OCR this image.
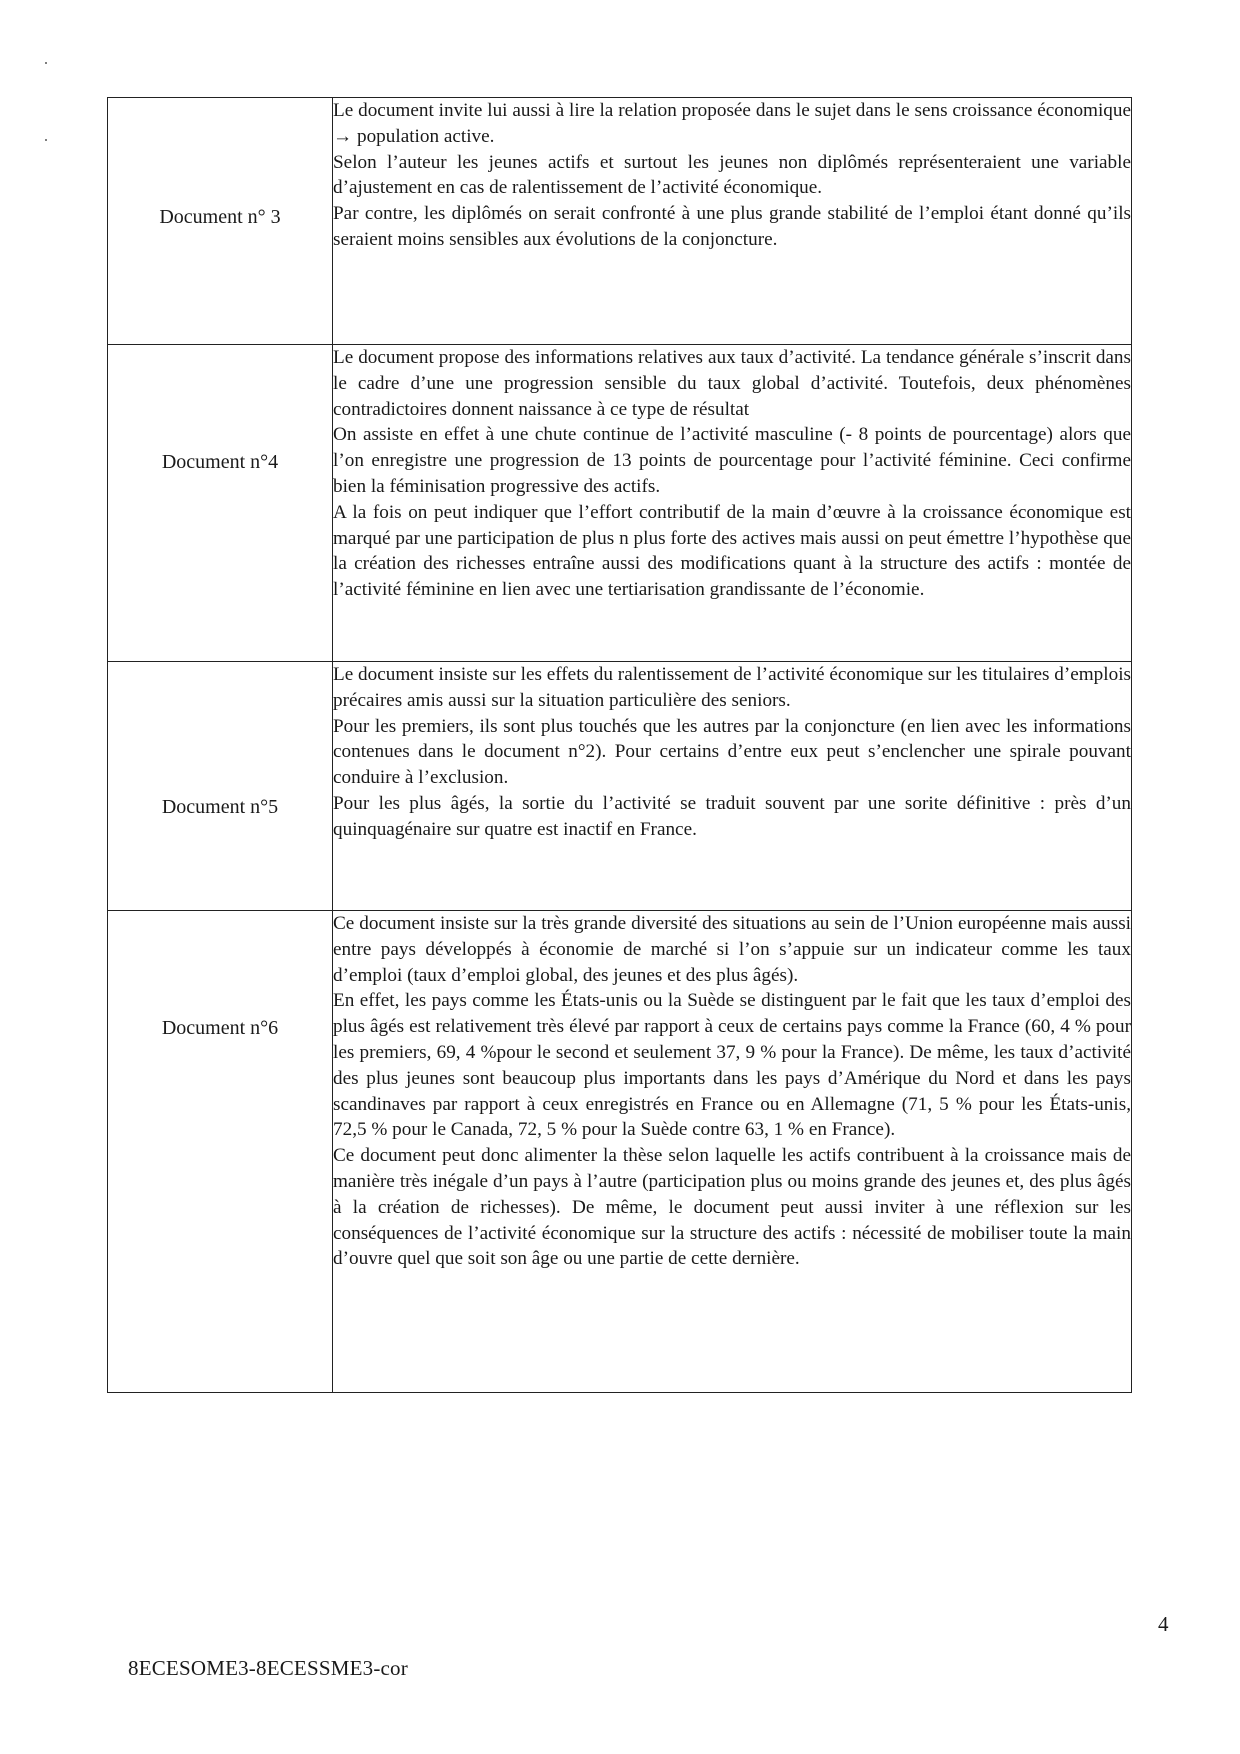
Document n° 3	Le document invite lui aussi à lire la relation proposée dans le sujet dans le sens croissance économique → population active.

Selon l’auteur les jeunes actifs et surtout les jeunes non diplômés représenteraient une variable d’ajustement en cas de ralentissement de l’activité économique.

Par contre, les diplômés on serait confronté à une plus grande stabilité de l’emploi étant donné qu’ils seraient moins sensibles aux évolutions de la conjoncture.

Document n°4	Le document propose des informations relatives aux taux d’activité. La tendance générale s’inscrit dans le cadre d’une une progression sensible du taux global d’activité. Toutefois, deux phénomènes contradictoires donnent naissance à ce type de résultat

On assiste en effet à une chute continue de l’activité masculine (- 8 points de pourcentage) alors que l’on enregistre une progression de 13 points de pourcentage pour l’activité féminine. Ceci confirme bien la féminisation progressive des actifs.

A la fois on peut indiquer que l’effort contributif de la main d’œuvre à la croissance économique est marqué par une participation de plus n plus forte des actives mais aussi on peut émettre l’hypothèse que la création des richesses entraîne aussi des modifications quant à la structure des actifs : montée de l’activité féminine en lien avec une tertiarisation grandissante de l’économie.

Document n°5	Le document insiste sur les effets du ralentissement de l’activité économique sur les titulaires d’emplois précaires amis aussi sur la situation particulière des seniors.

Pour les premiers, ils sont plus touchés que les autres par la conjoncture (en lien avec les informations contenues dans le document n°2). Pour certains d’entre eux peut s’enclencher une spirale pouvant conduire à l’exclusion.

Pour les plus âgés, la sortie du l’activité se traduit souvent par une sorite définitive : près d’un quinquagénaire sur quatre est inactif en France.

Document n°6	Ce document insiste sur la très grande diversité des situations au sein de l’Union européenne mais aussi entre pays développés à économie de marché si l’on s’appuie sur un indicateur comme les taux d’emploi (taux d’emploi global, des jeunes et des plus âgés).

En effet, les pays comme les États-unis ou la Suède se distinguent par le fait que les taux d’emploi des plus âgés est relativement très élevé par rapport à ceux de certains pays comme la France (60, 4 % pour les premiers, 69, 4 %pour le second et seulement 37, 9 % pour la France). De même, les taux d’activité des plus jeunes sont beaucoup plus importants dans les pays d’Amérique du Nord et dans les pays scandinaves par rapport à ceux enregistrés en France ou en Allemagne (71, 5 % pour les États-unis, 72,5 % pour le Canada, 72, 5 % pour la Suède contre 63, 1 % en France).

Ce document peut donc alimenter la thèse selon laquelle les actifs contribuent à la croissance mais de manière très inégale d’un pays à l’autre (participation plus ou moins grande des jeunes et, des plus âgés à la création de richesses). De même, le document peut aussi inviter à une réflexion sur les conséquences de l’activité économique sur la structure des actifs : nécessité de mobiliser toute la main d’ouvre quel que soit son âge ou une partie de cette dernière.

4
8ECESOME3-8ECESSME3-cor
